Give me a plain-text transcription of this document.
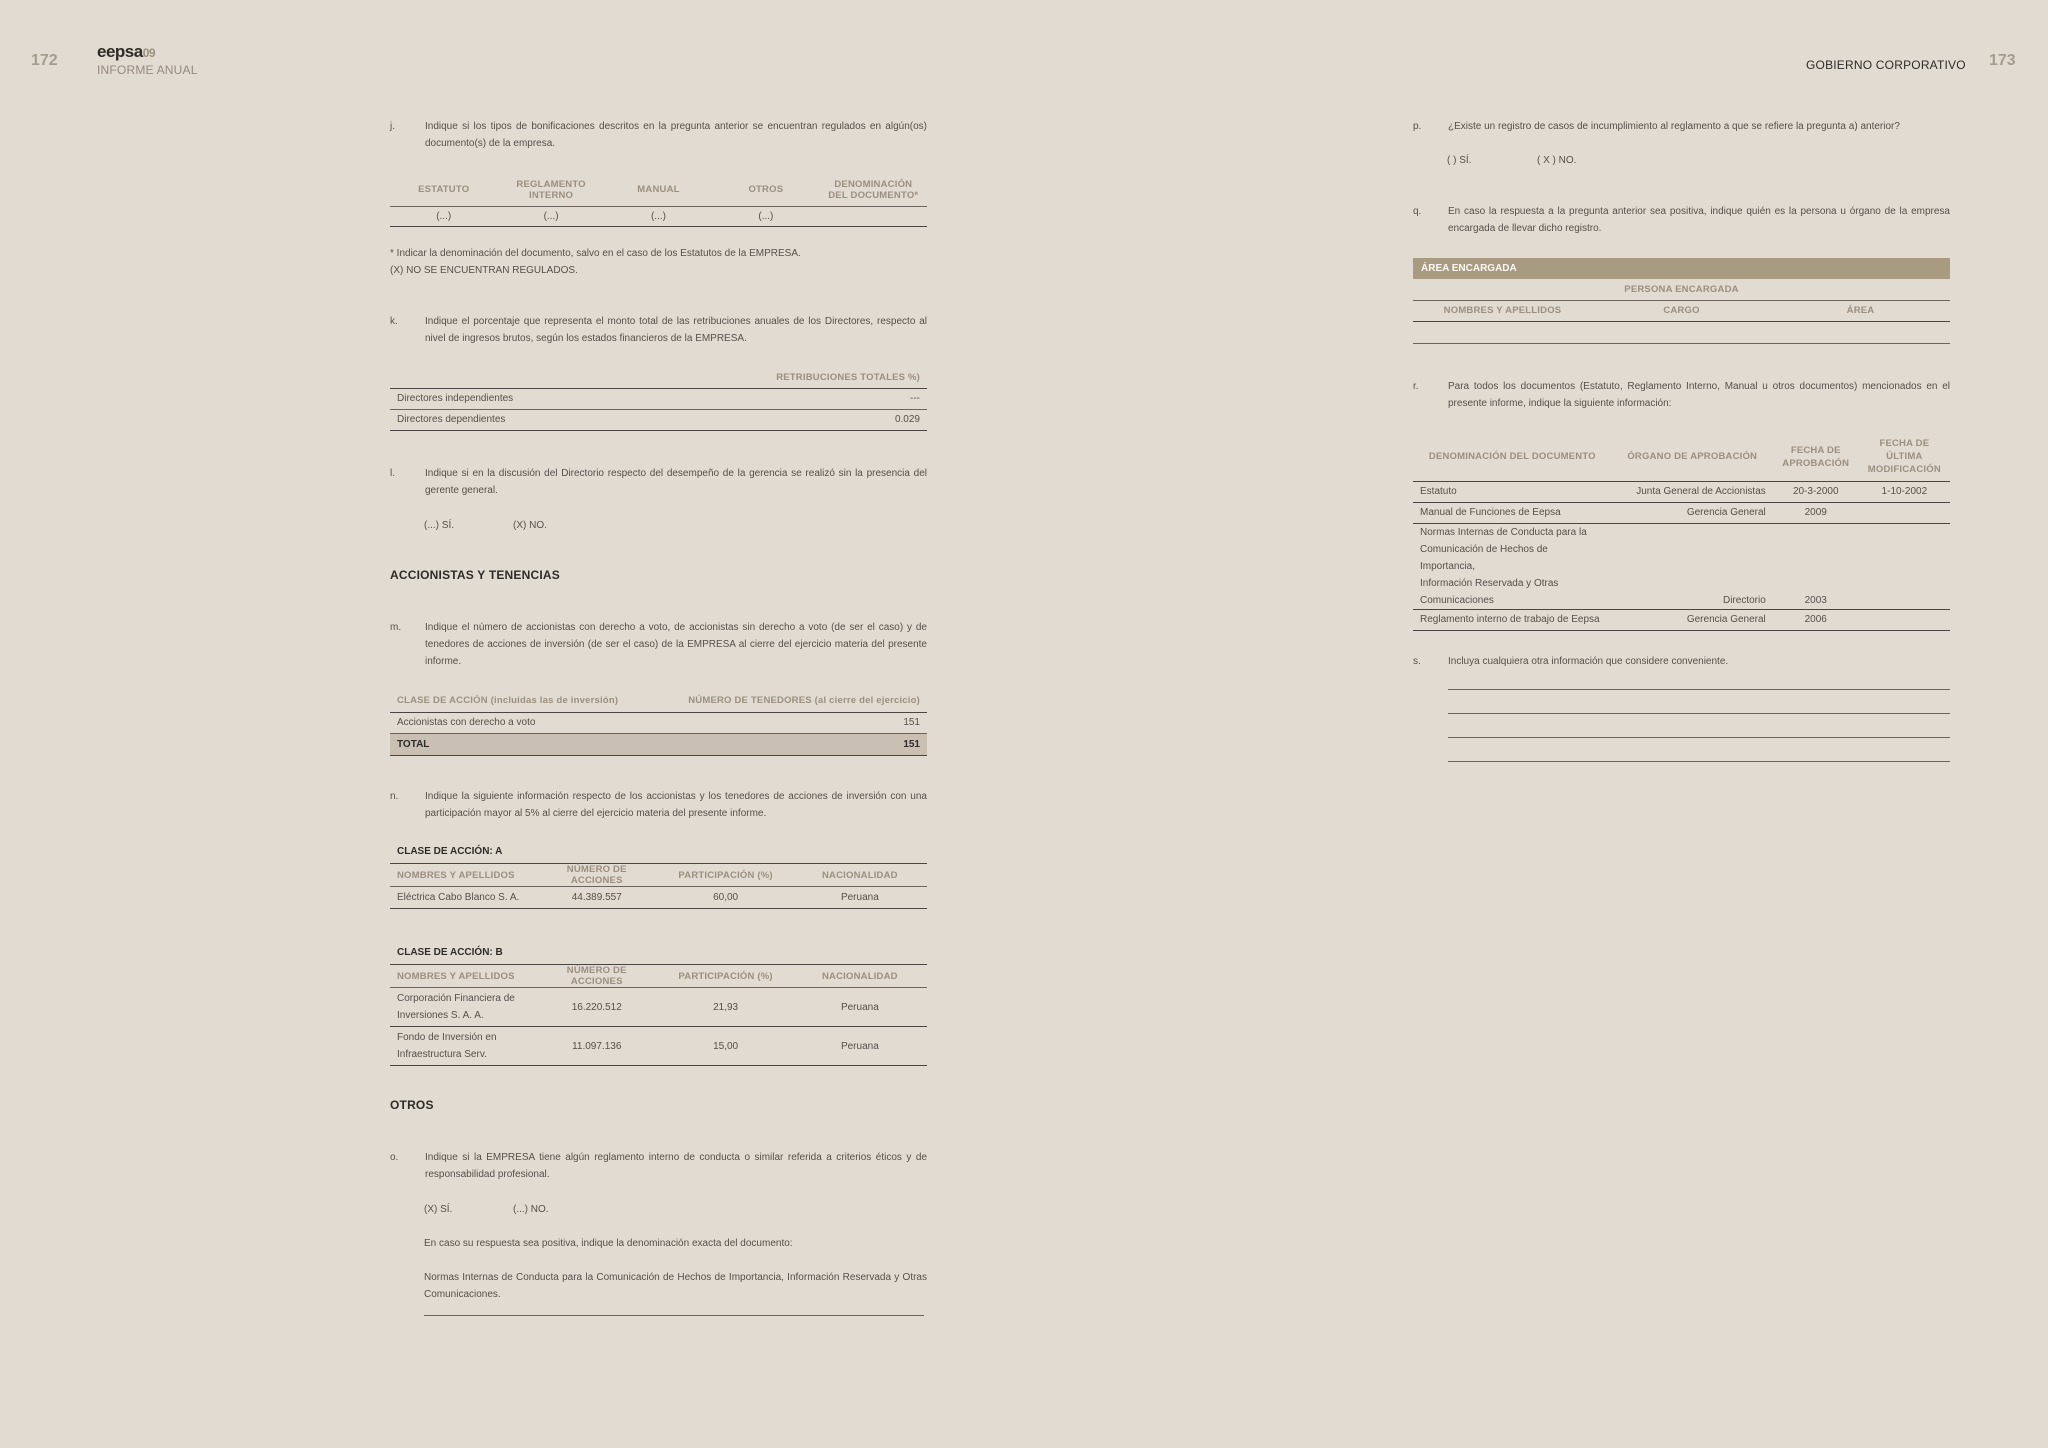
172 eepsa09
INFORME ANUAL	GOBIERNO CORPORATIVO 173
j.	Indique si los tipos de bonificaciones descritos en la pregunta anterior se encuentran regulados en algún(os) documento(s) de la empresa.
ESTATUTO	REGLAMENTO INTERNO	MANUAL	OTROS	DENOMINACIÓN DEL DOCUMENTO*
(...)	(...)	(...)	(...)	
* Indicar la denominación del documento, salvo en el caso de los Estatutos de la EMPRESA.
(X) NO SE ENCUENTRAN REGULADOS.
k.	Indique el porcentaje que representa el monto total de las retribuciones anuales de los Directores, respecto al nivel de ingresos brutos, según los estados financieros de la EMPRESA.
RETRIBUCIONES TOTALES %)	
Directores independientes	---
Directores dependientes	0.029
l.	Indique si en la discusión del Directorio respecto del desempeño de la gerencia se realizó sin la presencia del gerente general.
(...) SÍ.	(X) NO.
ACCIONISTAS Y TENENCIAS
m. Indique el número de accionistas con derecho a voto, de accionistas sin derecho a voto (de ser el caso) y de tenedores de acciones de inversión (de ser el caso) de la EMPRESA al cierre del ejercicio materia del presente informe.
CLASE DE ACCIÓN (incluidas las de inversión)	NÚMERO DE TENEDORES (al cierre del ejercicio)
Accionistas con derecho a voto	151
TOTAL	151
n.	Indique la siguiente información respecto de los accionistas y los tenedores de acciones de inversión con una participación mayor al 5% al cierre del ejercicio materia del presente informe.
CLASE DE ACCIÓN: A
NOMBRES Y APELLIDOS	NÚMERO DE ACCIONES	PARTICIPACIÓN (%)	NACIONALIDAD
Eléctrica Cabo Blanco S. A.	44.389.557	60,00	Peruana
CLASE DE ACCIÓN: B
NOMBRES Y APELLIDOS	NÚMERO DE ACCIONES	PARTICIPACIÓN (%)	NACIONALIDAD
Corporación Financiera de
Inversiones S. A. A.	16.220.512	21,93	Peruana
Fondo de Inversión en
Infraestructura Serv.	11.097.136	15,00	Peruana
OTROS
o.	Indique si la EMPRESA tiene algún reglamento interno de conducta o similar referida a criterios éticos y de responsabilidad profesional.
(X) SÍ.	(...) NO.
En caso su respuesta sea positiva, indique la denominación exacta del documento:
Normas Internas de Conducta para la Comunicación de Hechos de Importancia, Información Reservada y Otras Comunicaciones.
p.	¿Existe un registro de casos de incumplimiento al reglamento a que se refiere la pregunta a) anterior?
( ) SÍ.	( X ) NO.
q.	En caso la respuesta a la pregunta anterior sea positiva, indique quién es la persona u órgano de la empresa encargada de llevar dicho registro.
ÁREA ENCARGADA
PERSONA ENCARGADA		
NOMBRES Y APELLIDOS	CARGO	ÁREA

r.	Para todos los documentos (Estatuto, Reglamento Interno, Manual u otros documentos) mencionados en el presente informe, indique la siguiente información:
DENOMINACIÓN DEL DOCUMENTO	ÓRGANO DE APROBACIÓN	FECHA DE APROBACIÓN	FECHA DE ÚLTIMA MODIFICACIÓN
Estatuto	Junta General de Accionistas	20-3-2000	1-10-2002
Manual de Funciones de Eepsa	Gerencia General	2009	
Normas Internas de Conducta para la
Comunicación de Hechos de Importancia,
Información Reservada y Otras
Comunicaciones	Directorio	2003	
Reglamento interno de trabajo de Eepsa	Gerencia General	2006	
s.	Incluya cualquiera otra información que considere conveniente.
